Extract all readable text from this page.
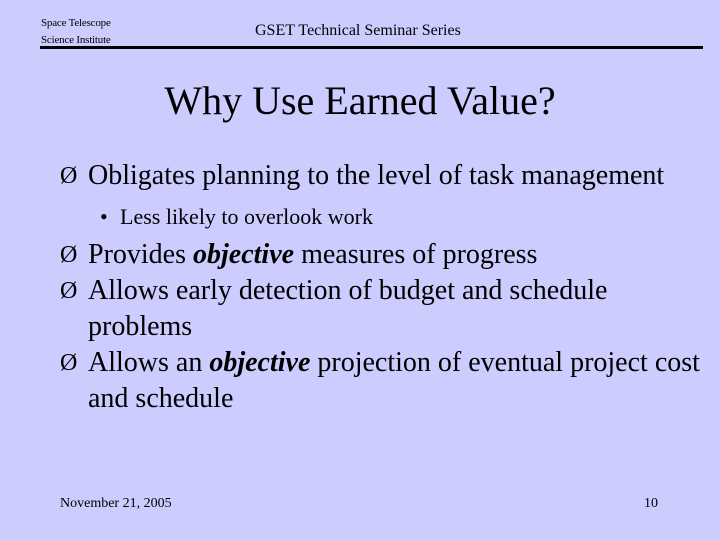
Space Telescope
Science Institute
GSET Technical Seminar Series
Why Use Earned Value?
Ø Obligates planning to the level of task management
• Less likely to overlook work
Ø Provides objective measures of progress
Ø Allows early detection of budget and schedule problems
Ø Allows an objective projection of eventual project cost and schedule
November 21, 2005	10
